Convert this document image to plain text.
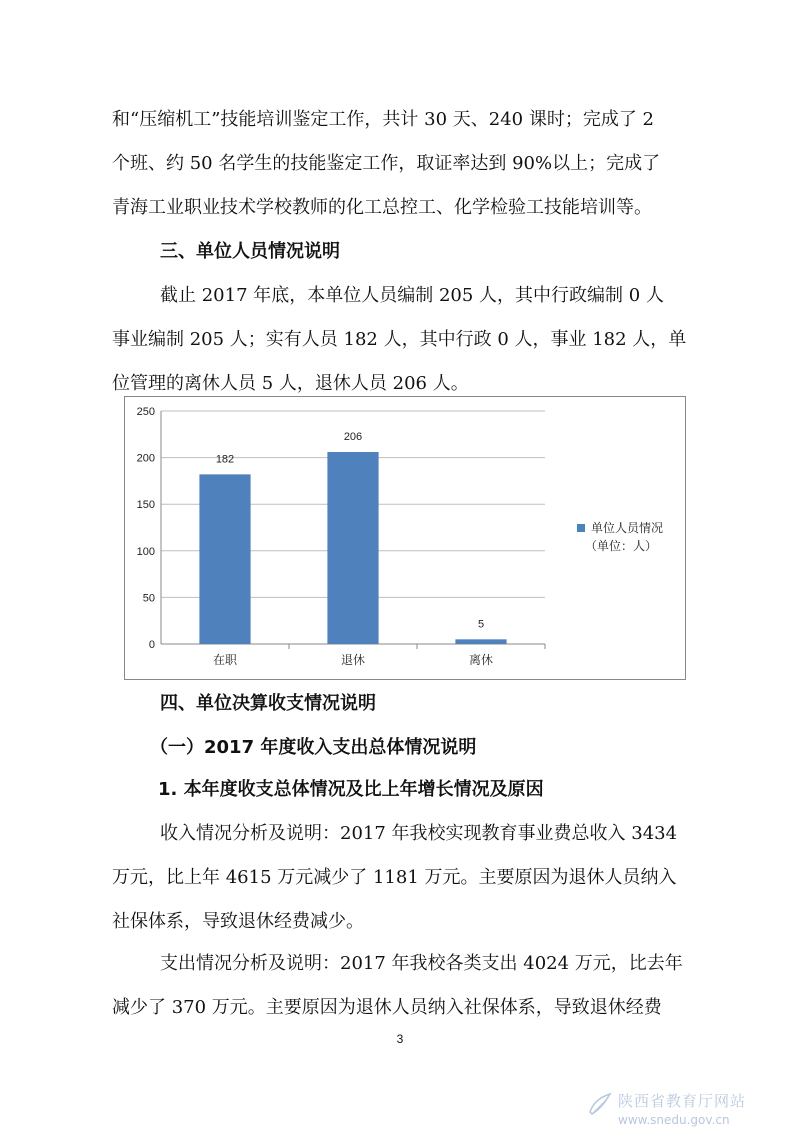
和“压缩机工”技能培训鉴定工作，共计 30 天、240 课时；完成了 2
个班、约 50 名学生的技能鉴定工作，取证率达到 90%以上；完成了
青海工业职业技术学校教师的化工总控工、化学检验工技能培训等。
三、单位人员情况说明
截止 2017 年底，本单位人员编制 205 人，其中行政编制 0 人
事业编制 205 人；实有人员 182 人，其中行政 0 人，事业 182 人，单
位管理的离休人员 5 人，退休人员 206 人。
0
50
100
150
200
250
182
在职
206
退休
5
离休
单位人员情况
（单位：人）
四、单位决算收支情况说明
（一）2017 年度收入支出总体情况说明
1. 本年度收支总体情况及比上年增长情况及原因
收入情况分析及说明：2017 年我校实现教育事业费总收入 3434
万元，比上年 4615 万元减少了 1181 万元。主要原因为退休人员纳入
社保体系，导致退休经费减少。
支出情况分析及说明：2017 年我校各类支出 4024 万元，比去年
减少了 370 万元。主要原因为退休人员纳入社保体系，导致退休经费
3
陕西省教育厅网站
www.snedu.gov.cn
